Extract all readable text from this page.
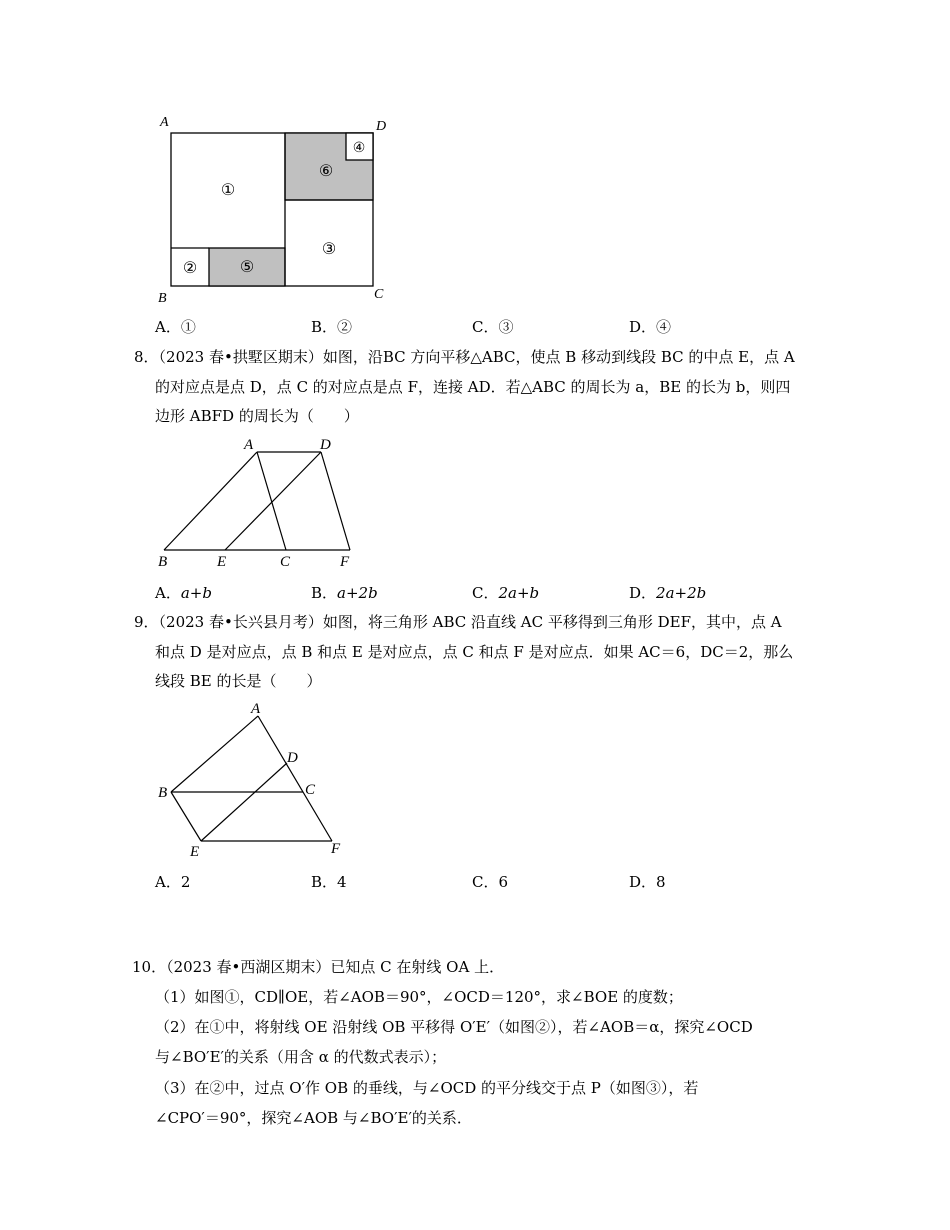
A	D
B	C
①
②
③
④
⑤
⑥
A．①	B．②	C．③	D．④
8．（2023 春•拱墅区期末）如图，沿BC 方向平移△ABC，使点 B 移动到线段 BC 的中点 E，点 A
的对应点是点 D，点 C 的对应点是点 F，连接 AD．若△ABC 的周长为 a，BE 的长为 b，则四
边形 ABFD 的周长为（　　）
A	D
B	E	C	F
A．a+b	B．a+2b	C．2a+b	D．2a+2b
9．（2023 春•长兴县月考）如图，将三角形 ABC 沿直线 AC 平移得到三角形 DEF，其中，点 A
和点 D 是对应点，点 B 和点 E 是对应点，点 C 和点 F 是对应点．如果 AC＝6，DC＝2，那么
线段 BE 的长是（　　）
A
D
B	C
E	F
A．2	B．4	C．6	D．8
10．（2023 春•西湖区期末）已知点 C 在射线 OA 上．
（1）如图①，CD∥OE，若∠AOB＝90°，∠OCD＝120°，求∠BOE 的度数；
（2）在①中，将射线 OE 沿射线 OB 平移得 O′E′（如图②），若∠AOB＝α，探究∠OCD
与∠BO′E′的关系（用含 α 的代数式表示）；
（3）在②中，过点 O′作 OB 的垂线，与∠OCD 的平分线交于点 P（如图③），若
∠CPO′＝90°，探究∠AOB 与∠BO′E′的关系．
